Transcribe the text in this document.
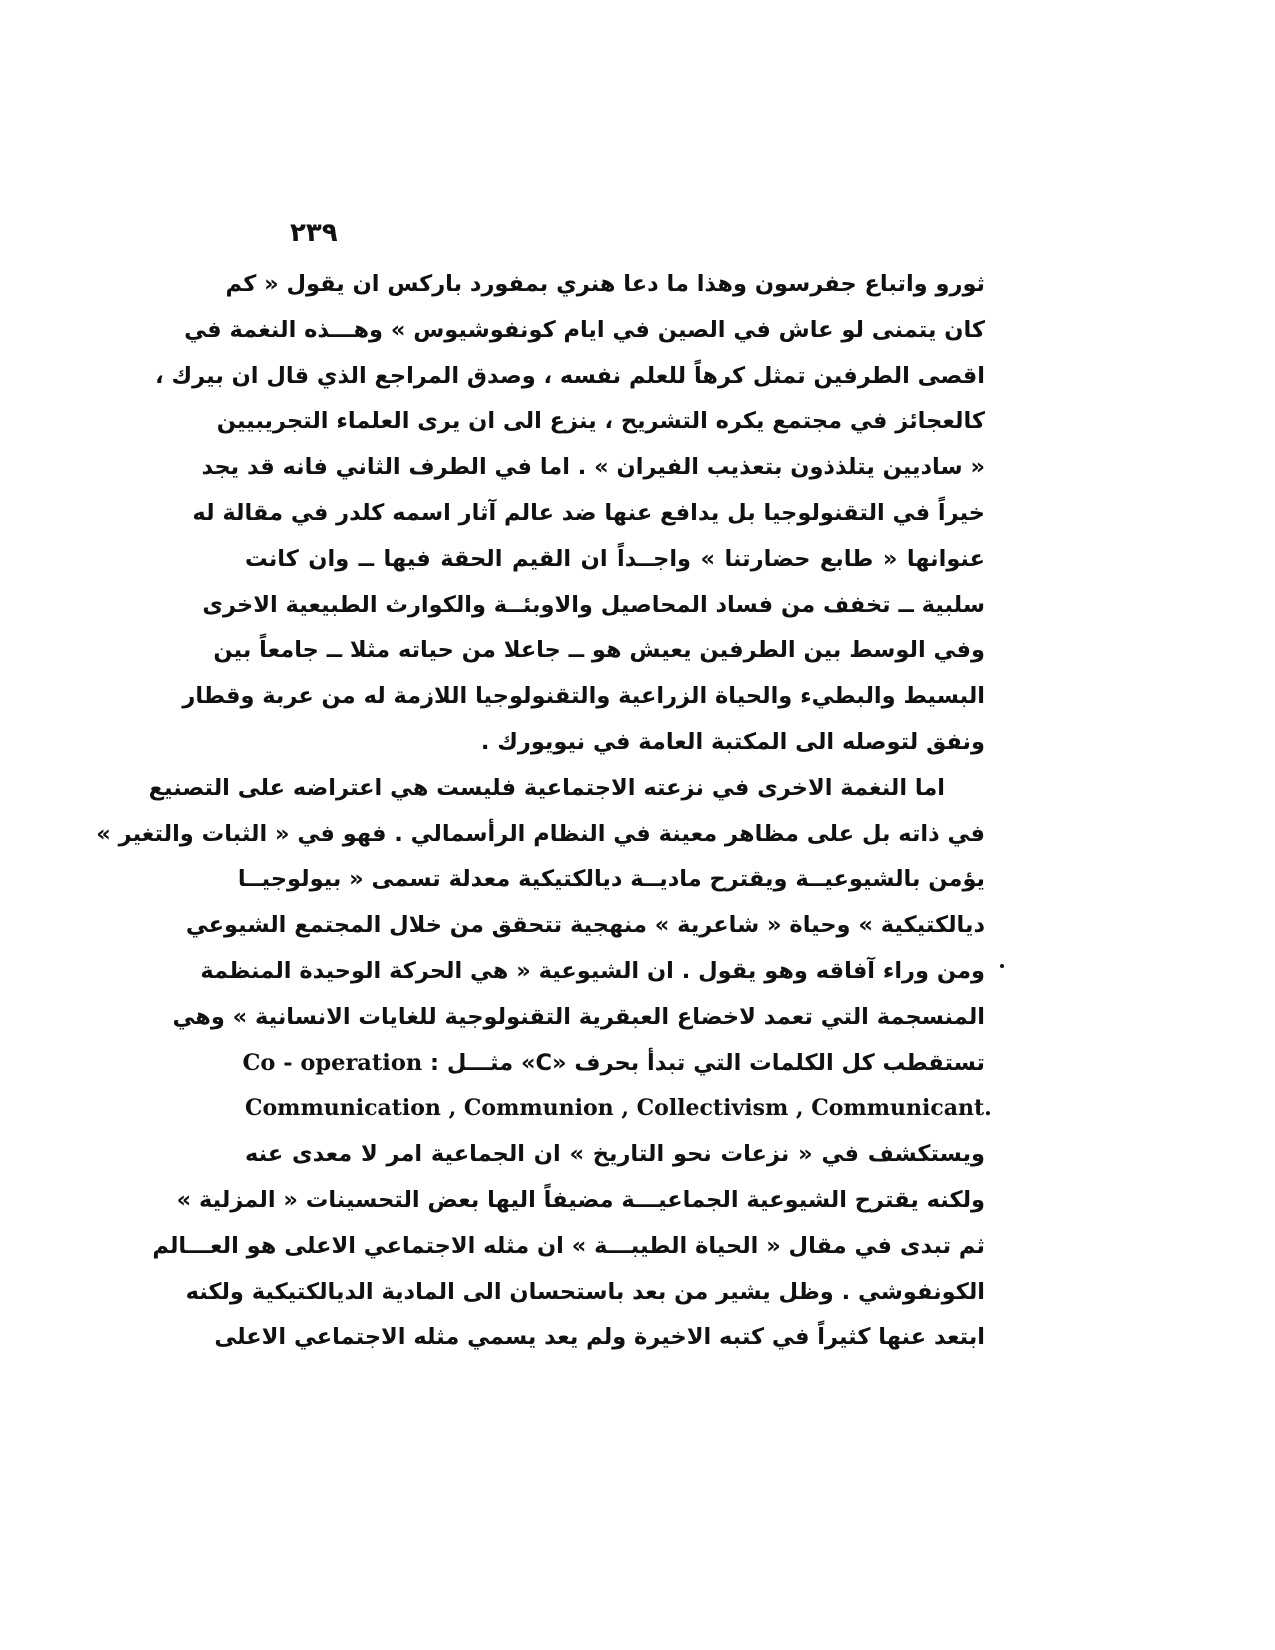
٢٣٩
ثورو واتباع جفرسون وهذا ما دعا هنري بمفورد باركس ان يقول « كم
كان يتمنى لو عاش في الصين في ايام كونفوشيوس » وهـــذه النغمة في
اقصى الطرفين تمثل كرهاً للعلم نفسه ، وصدق المراجع الذي قال ان بيرك ،
كالعجائز في مجتمع يكره التشريح ، ينزع الى ان يرى العلماء التجريبيين
« ساديين يتلذذون بتعذيب الفيران » . اما في الطرف الثاني فانه قد يجد
خيراً في التقنولوجيا بل يدافع عنها ضد عالم آثار اسمه كلدر في مقالة له
عنوانها « طابع حضارتنا » واجــداً ان القيم الحقة فيها ــ وان كانت
سلبية ــ تخفف من فساد المحاصيل والاوبئــة والكوارث الطبيعية الاخرى
وفي الوسط بين الطرفين يعيش هو ــ جاعلا من حياته مثلا ــ جامعاً بين
البسيط والبطيء والحياة الزراعية والتقنولوجيا اللازمة له من عربة وقطار
ونفق لتوصله الى المكتبة العامة في نيويورك .
اما النغمة الاخرى في نزعته الاجتماعية فليست هي اعتراضه على التصنيع
في ذاته بل على مظاهر معينة في النظام الرأسمالي . فهو في « الثبات والتغير »
يؤمن بالشيوعيــة ويقترح ماديــة ديالكتيكية معدلة تسمى « بيولوجيــا
ديالكتيكية » وحياة « شاعرية » منهجية تتحقق من خلال المجتمع الشيوعي
ومن وراء آفاقه وهو يقول . ان الشيوعية « هي الحركة الوحيدة المنظمة
المنسجمة التي تعمد لاخضاع العبقرية التقنولوجية للغايات الانسانية » وهي
تستقطب كل الكلمات التي تبدأ بحرف «C» مثـــل : Co - operation
Communication , Communion , Collectivism , Communicant.
ويستكشف في « نزعات نحو التاريخ » ان الجماعية امر لا معدى عنه
ولكنه يقترح الشيوعية الجماعيـــة مضيفاً اليها بعض التحسينات « المزلية »
ثم تبدى في مقال « الحياة الطيبـــة » ان مثله الاجتماعي الاعلى هو العـــالم
الكونفوشي . وظل يشير من بعد باستحسان الى المادية الديالكتيكية ولكنه
ابتعد عنها كثيراً في كتبه الاخيرة ولم يعد يسمي مثله الاجتماعي الاعلى
